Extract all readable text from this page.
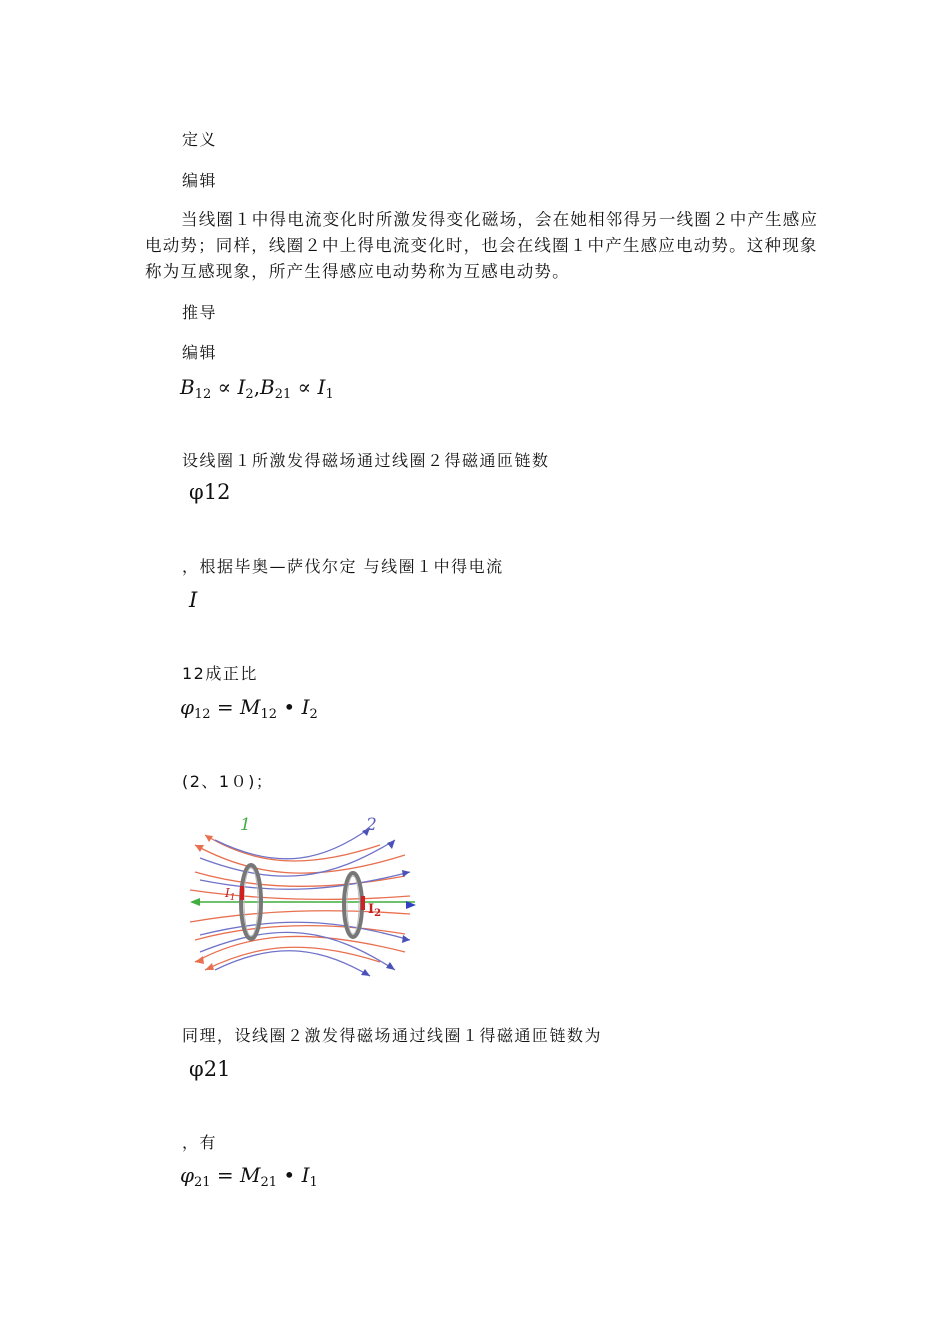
定义
编辑
当线圈１中得电流变化时所激发得变化磁场，会在她相邻得另一线圈２中产生感应电动势；同样，线圈２中上得电流变化时，也会在线圈１中产生感应电动势。这种现象称为互感现象，所产生得感应电动势称为互感电动势。
推导
编辑
$B_{12} \propto I_2,B_{21} \propto I_1$
设线圈１所激发得磁场通过线圈２得磁通匝链数
φ12
，根据毕奥—萨伐尔定 与线圈１中得电流
I
12成正比
$\varphi_{12} = M_{12}$ • $I_2$
(2、1０)；
1	2
$I_1$
$I_2$
同理，设线圈２激发得磁场通过线圈１得磁通匝链数为
φ21
，有
$\varphi_{21} = M_{21}$ • $I_1$
